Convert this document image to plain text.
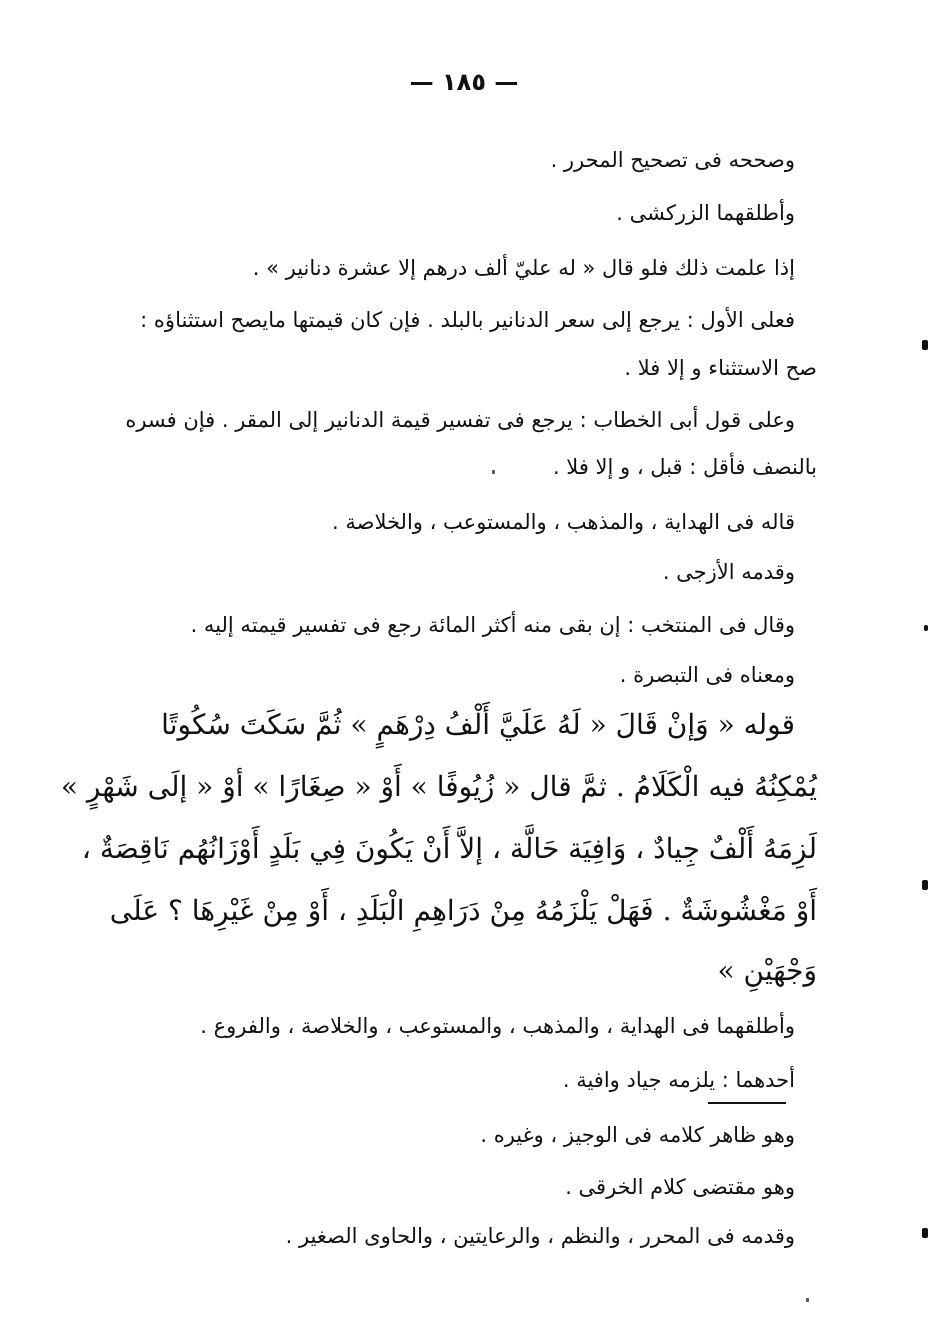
— ١٨٥ —
وصححه فى تصحيح المحرر .
وأطلقهما الزركشى .
إذا علمت ذلك فلو قال « له عليّ ألف درهم إلا عشرة دنانير » .
فعلى الأول : يرجع إلى سعر الدنانير بالبلد . فإن كان قيمتها مايصح استثناؤه :
صح الاستثناء و إلا فلا .
وعلى قول أبى الخطاب : يرجع فى تفسير قيمة الدنانير إلى المقر . فإن فسره
بالنصف فأقل : قبل ، و إلا فلا .
قاله فى الهداية ، والمذهب ، والمستوعب ، والخلاصة .
وقدمه الأزجى .
وقال فى المنتخب : إن بقى منه أكثر المائة رجع فى تفسير قيمته إليه .
ومعناه فى التبصرة .
قوله « وَإنْ قَالَ « لَهُ عَلَيَّ أَلْفُ دِرْهَمٍ » ثُمَّ سَكَتَ سُكُوتًا
يُمْكِنُهُ فيه الْكَلَامُ . ثمَّ قال « زُيُوفًا » أَوْ « صِغَارًا » أوْ « إلَى شَهْرٍ »
لَزِمَهُ أَلْفٌ جِيادٌ ، وَافِيَة حَالَّة ، إلاَّ أَنْ يَكُونَ فِي بَلَدٍ أَوْزَانُهُم نَاقِصَةٌ ،
أَوْ مَغْشُوشَةٌ . فَهَلْ يَلْزَمُهُ مِنْ دَرَاهِمِ الْبَلَدِ ، أَوْ مِنْ غَيْرِهَا ؟ عَلَى
وَجْهَيْنِ »
وأطلقهما فى الهداية ، والمذهب ، والمستوعب ، والخلاصة ، والفروع .
أحدهما : يلزمه جياد وافية .
وهو ظاهر كلامه فى الوجيز ، وغيره .
وهو مقتضى كلام الخرقى .
وقدمه فى المحرر ، والنظم ، والرعايتين ، والحاوى الصغير .
